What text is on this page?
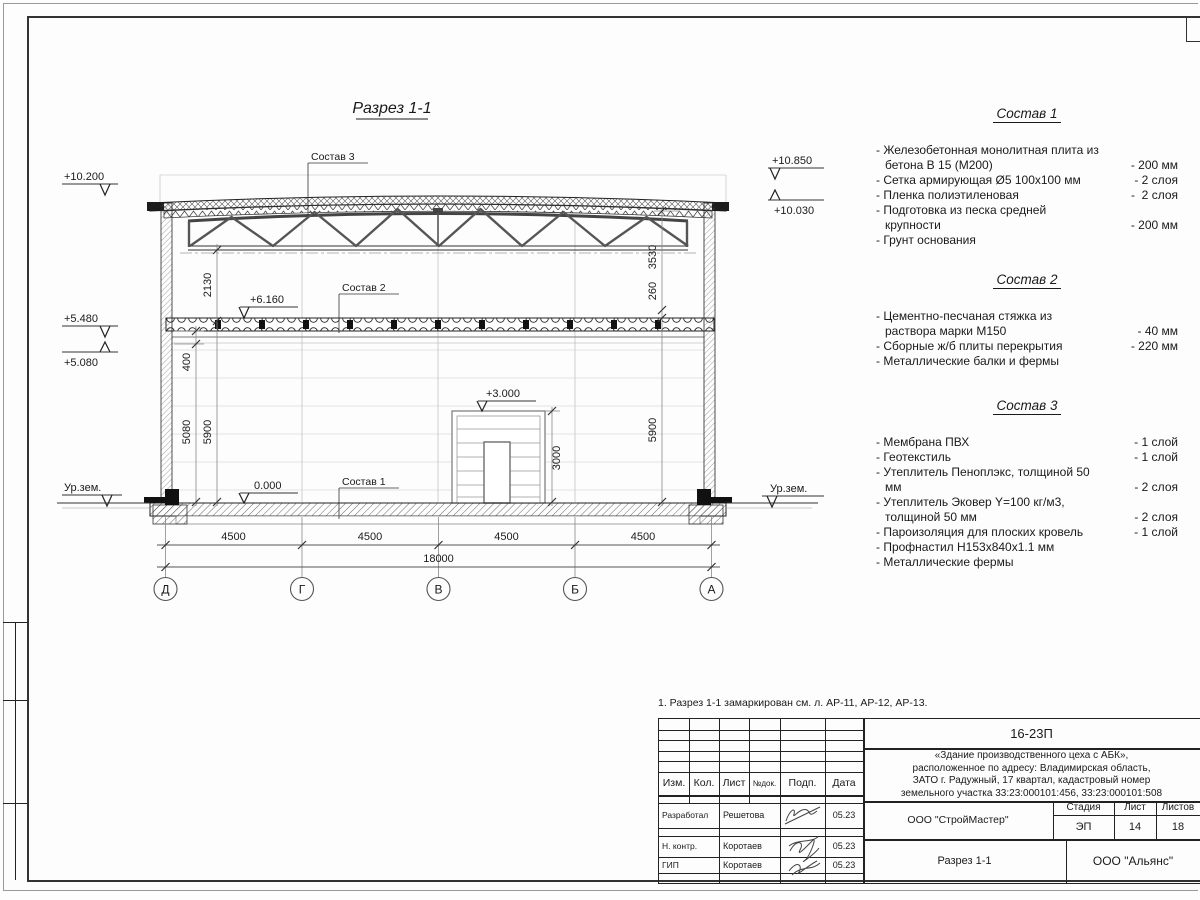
Разрез 1-1
Состав 3
Состав 2
Состав 1
+10.200
+5.480
+5.080
Ур.зем.
+6.160
0.000
+3.000
+10.850
+10.030
Ур.зем.
400
5080
2130
5900
3530
260
5900
3000
4500	4500	4500	4500
18000
Д	Г	В	Б	А
Состав 1
- Железобетонная монолитная плита из бетона В 15 (М200)	- 200 мм
- Сетка армирующая Ø5 100х100 мм	- 2 слоя
- Пленка полиэтиленовая	-  2 слоя
- Подготовка из песка средней крупности	- 200 мм
- Грунт основания
Состав 2
- Цементно-песчаная стяжка из раствора марки М150	- 40 мм
- Сборные ж/б плиты перекрытия	- 220 мм
- Металлические балки и фермы
Состав 3
- Мембрана ПВХ	- 1 слой
- Геотекстиль	- 1 слой
- Утеплитель Пеноплэкс, толщиной 50 мм	- 2 слоя
- Утеплитель Эковер Y=100 кг/м3, толщиной 50 мм	- 2 слоя
- Пароизоляция для плоских кровель	- 1 слой
- Профнастил Н153х840х1.1 мм
- Металлические фермы
1. Разрез 1-1 замаркирован см. л. АР-11, АР-12, АР-13.
Изм. Кол. Лист №док.	Подп.	Дата
Разработал	Решетова	05.23
Н. контр.	Коротаев	05.23
ГИП	Коротаев	05.23
16-23П
«Здание производственного цеха с АБК»,
расположенное по адресу: Владимирская область,
ЗАТО г. Радужный, 17 квартал, кадастровый номер
земельного участка 33:23:000101:456, 33:23:000101:508
ООО "СтройМастер"
Стадия	Лист	Листов
ЭП	14	18
Разрез 1-1	ООО "Альянс"
